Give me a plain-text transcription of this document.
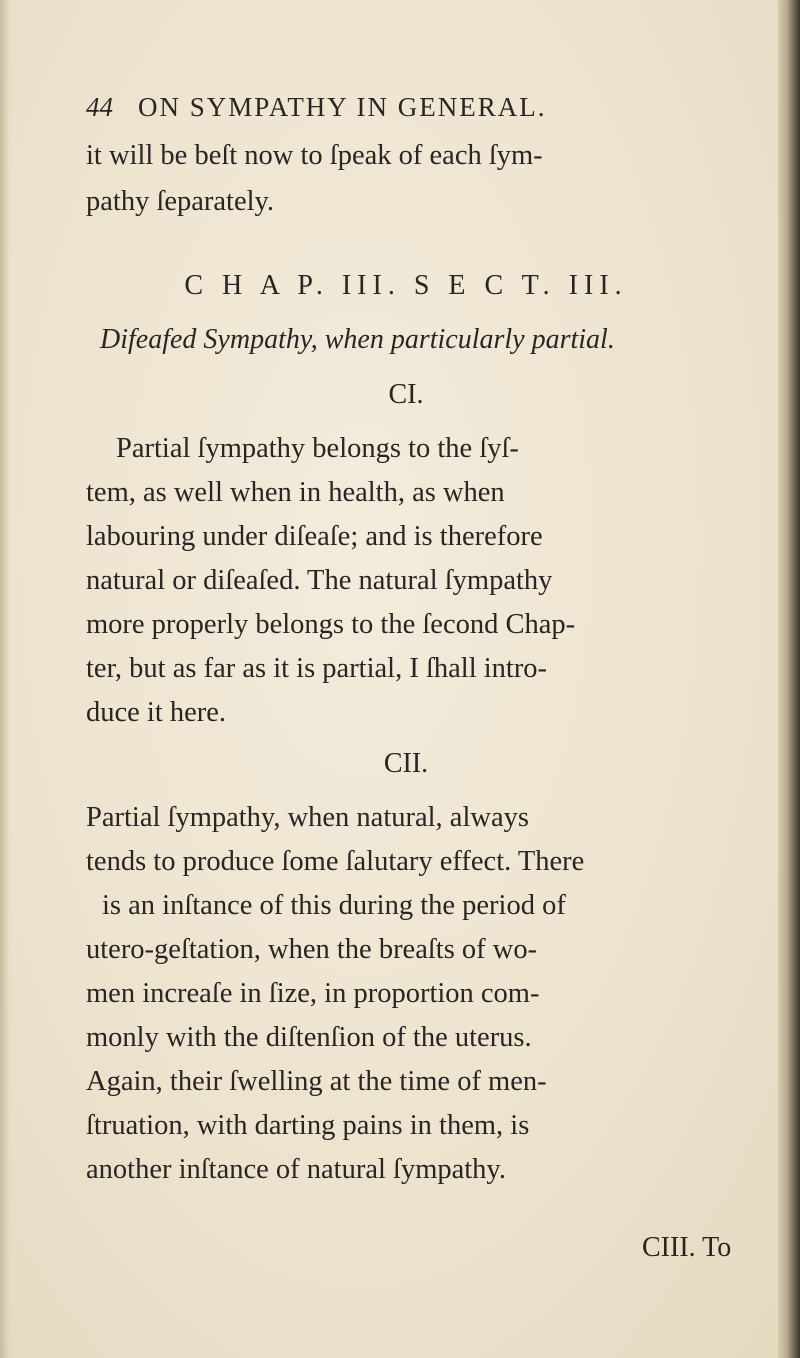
44 ON SYMPATHY IN GENERAL.
it will be beſt now to ſpeak of each ſym-
pathy ſeparately.
C H A P. III. S E C T. III.
Difeafed Sympathy, when particularly partial.
CI.
Partial ſympathy belongs to the ſyſ-
tem, as well when in health, as when
labouring under diſeaſe; and is therefore
natural or diſeaſed. The natural ſympathy
more properly belongs to the ſecond Chap-
ter, but as far as it is partial, I ſhall intro-
duce it here.
CII.
Partial ſympathy, when natural, always
tends to produce ſome ſalutary effect. There
is an inſtance of this during the period of
utero-geſtation, when the breaſts of wo-
men increaſe in ſize, in proportion com-
monly with the diſtenſion of the uterus.
Again, their ſwelling at the time of men-
ſtruation, with darting pains in them, is
another inſtance of natural ſympathy.
CIII. To
